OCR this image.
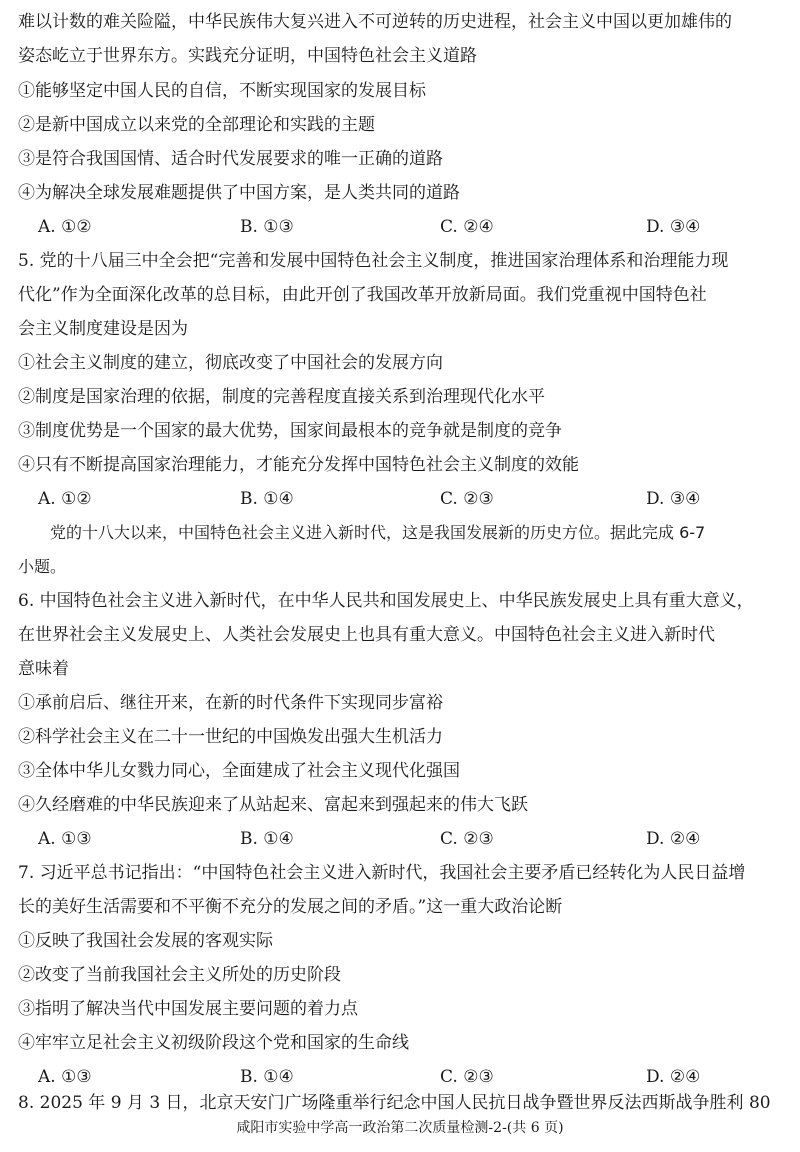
难以计数的难关险隘，中华民族伟大复兴进入不可逆转的历史进程，社会主义中国以更加雄伟的
姿态屹立于世界东方。实践充分证明，中国特色社会主义道路
①能够坚定中国人民的自信，不断实现国家的发展目标
②是新中国成立以来党的全部理论和实践的主题
③是符合我国国情、适合时代发展要求的唯一正确的道路
④为解决全球发展难题提供了中国方案，是人类共同的道路
A. ①②	B. ①③	C. ②④	D. ③④
5. 党的十八届三中全会把“完善和发展中国特色社会主义制度，推进国家治理体系和治理能力现
代化”作为全面深化改革的总目标，由此开创了我国改革开放新局面。我们党重视中国特色社
会主义制度建设是因为
①社会主义制度的建立，彻底改变了中国社会的发展方向
②制度是国家治理的依据，制度的完善程度直接关系到治理现代化水平
③制度优势是一个国家的最大优势，国家间最根本的竞争就是制度的竞争
④只有不断提高国家治理能力，才能充分发挥中国特色社会主义制度的效能
A. ①②	B. ①④	C. ②③	D. ③④
党的十八大以来，中国特色社会主义进入新时代，这是我国发展新的历史方位。据此完成 6-7
小题。
6. 中国特色社会主义进入新时代，在中华人民共和国发展史上、中华民族发展史上具有重大意义，
在世界社会主义发展史上、人类社会发展史上也具有重大意义。中国特色社会主义进入新时代
意味着
①承前启后、继往开来，在新的时代条件下实现同步富裕
②科学社会主义在二十一世纪的中国焕发出强大生机活力
③全体中华儿女戮力同心，全面建成了社会主义现代化强国
④久经磨难的中华民族迎来了从站起来、富起来到强起来的伟大飞跃
A. ①③	B. ①④	C. ②③	D. ②④
7. 习近平总书记指出：“中国特色社会主义进入新时代，我国社会主要矛盾已经转化为人民日益增
长的美好生活需要和不平衡不充分的发展之间的矛盾。”这一重大政治论断
①反映了我国社会发展的客观实际
②改变了当前我国社会主义所处的历史阶段
③指明了解决当代中国发展主要问题的着力点
④牢牢立足社会主义初级阶段这个党和国家的生命线
A. ①③	B. ①④	C. ②③	D. ②④
8. 2025 年 9 月 3 日，北京天安门广场隆重举行纪念中国人民抗日战争暨世界反法西斯战争胜利 80
咸阳市实验中学高一政治第二次质量检测-2-(共 6 页)
